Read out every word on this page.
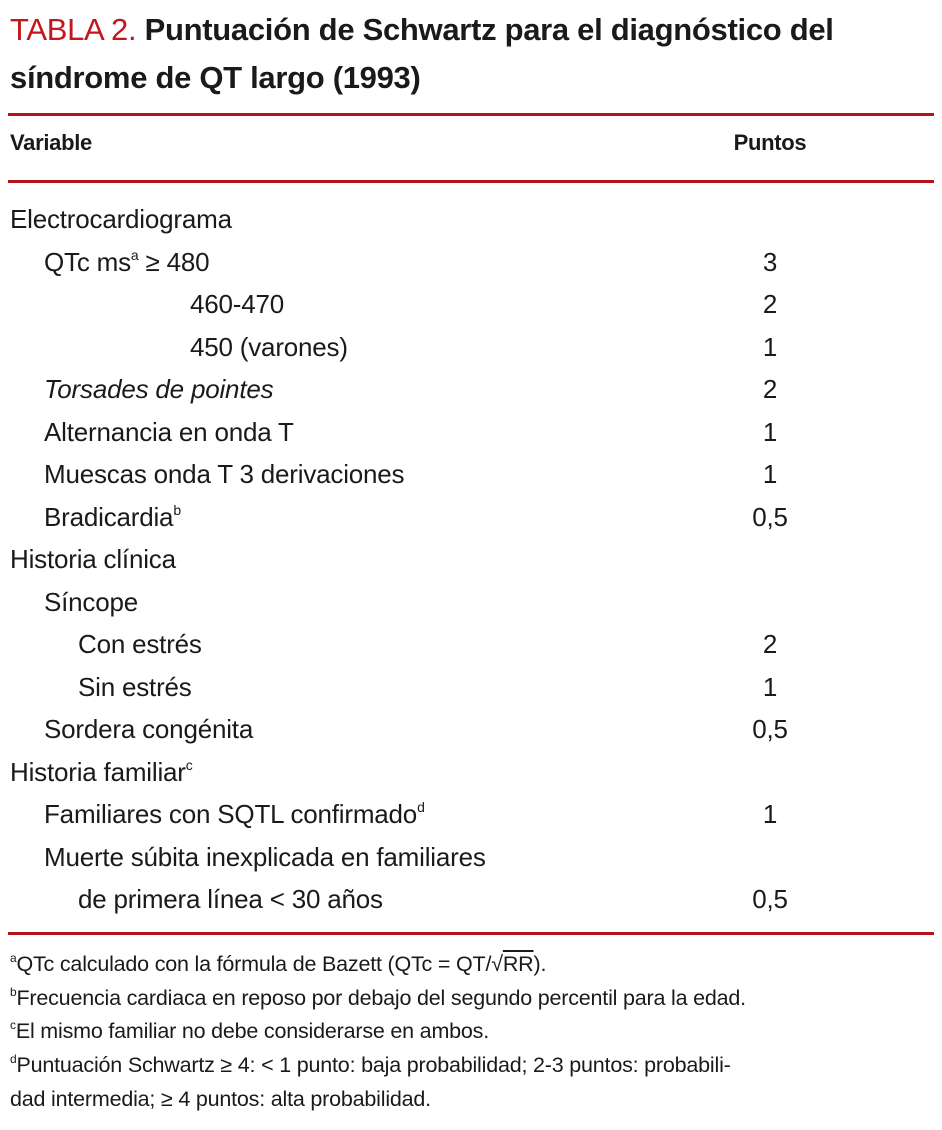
TABLA 2. Puntuación de Schwartz para el diagnóstico del síndrome de QT largo (1993)
Variable	Puntos
Electrocardiograma
QTc $ms^a \ge 480$	3
460-470	2
450 (varones)	1
Torsades de pointes	2
Alternancia en onda T	1
Muescas onda T 3 derivaciones	1
Bradicardia$^b$	0,5
Historia clínica
Síncope
Con estrés	2
Sin estrés	1
Sordera congénita	0,5
Historia familiar$^c$
Familiares con SQTL confirmado$^d$	1
Muerte súbita inexplicada en familiares
de primera línea < 30 años	0,5
$^a$QTc calculado con la fórmula de Bazett (QTc = QT/√RR).
$^b$Frecuencia cardiaca en reposo por debajo del segundo percentil para la edad.
$^c$El mismo familiar no debe considerarse en ambos.
$^d$Puntuación Schwartz ≥ 4: < 1 punto: baja probabilidad; 2-3 puntos: probabili-
dad intermedia; ≥ 4 puntos: alta probabilidad.
